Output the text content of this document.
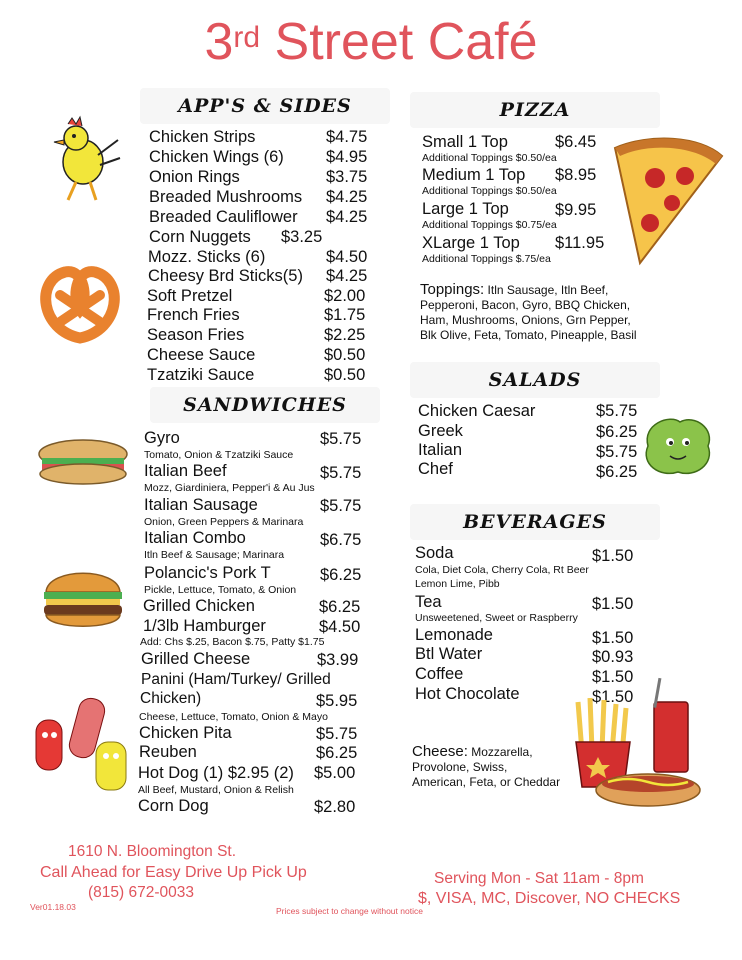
3rd Street Café
APP'S & SIDES
SANDWICHES
PIZZA
SALADS
BEVERAGES
Chicken Strips	$4.75
Chicken Wings (6)	$4.95
Onion Rings	$3.75
Breaded Mushrooms $4.25
Breaded Cauliflower $4.25
Corn Nuggets $3.25
Mozz. Sticks (6)	$4.50
Cheesy Brd Sticks(5) $4.25
Soft Pretzel	$2.00
French Fries	$1.75
Season Fries	$2.25
Cheese Sauce	$0.50
Tzatziki Sauce	$0.50
Gyro	$5.75
Tomato, Onion & Tzatziki Sauce
Italian Beef	$5.75
Mozz, Giardiniera, Pepper'i & Au Jus
Italian Sausage	$5.75
Onion, Green Peppers & Marinara
Italian Combo	$6.75
Itln Beef & Sausage; Marinara
Polancic's Pork T	$6.25
Pickle, Lettuce, Tomato, & Onion
Grilled Chicken	$6.25
1/3lb Hamburger	$4.50
Add: Chs $.25, Bacon $.75, Patty $1.75
Grilled Cheese	$3.99
Panini (Ham/Turkey/ Grilled
Chicken)	$5.95
Cheese, Lettuce, Tomato, Onion & Mayo
Chicken Pita	$5.75
Reuben	$6.25
Hot Dog (1) $2.95 (2) $5.00
All Beef, Mustard, Onion & Relish
Corn Dog	$2.80
Small 1 Top	$6.45
Additional Toppings $0.50/ea
Medium 1 Top $8.95
Additional Toppings $0.50/ea
Large 1 Top	$9.95
Additional Toppings $0.75/ea
XLarge 1 Top $11.95
Additional Toppings $.75/ea
Toppings: Itln Sausage, Itln Beef,
Pepperoni, Bacon, Gyro, BBQ Chicken,
Ham, Mushrooms, Onions, Grn Pepper,
Blk Olive, Feta, Tomato, Pineapple, Basil
Chicken Caesar	$5.75
Greek	$6.25
Italian	$5.75
Chef	$6.25
Soda	$1.50
Cola, Diet Cola, Cherry Cola, Rt Beer
Lemon Lime, Pibb
Tea	$1.50
Unsweetened, Sweet or Raspberry
Lemonade	$1.50
Btl Water	$0.93
Coffee	$1.50
Hot Chocolate	$1.50
Cheese: Mozzarella,
Provolone, Swiss,
American, Feta, or Cheddar
1610 N. Bloomington St.
Call Ahead for Easy Drive Up Pick Up
(815) 672-0033
Ver01.18.03	Prices subject to change without notice
Serving Mon - Sat 11am - 8pm
$, VISA, MC, Discover, NO CHECKS
